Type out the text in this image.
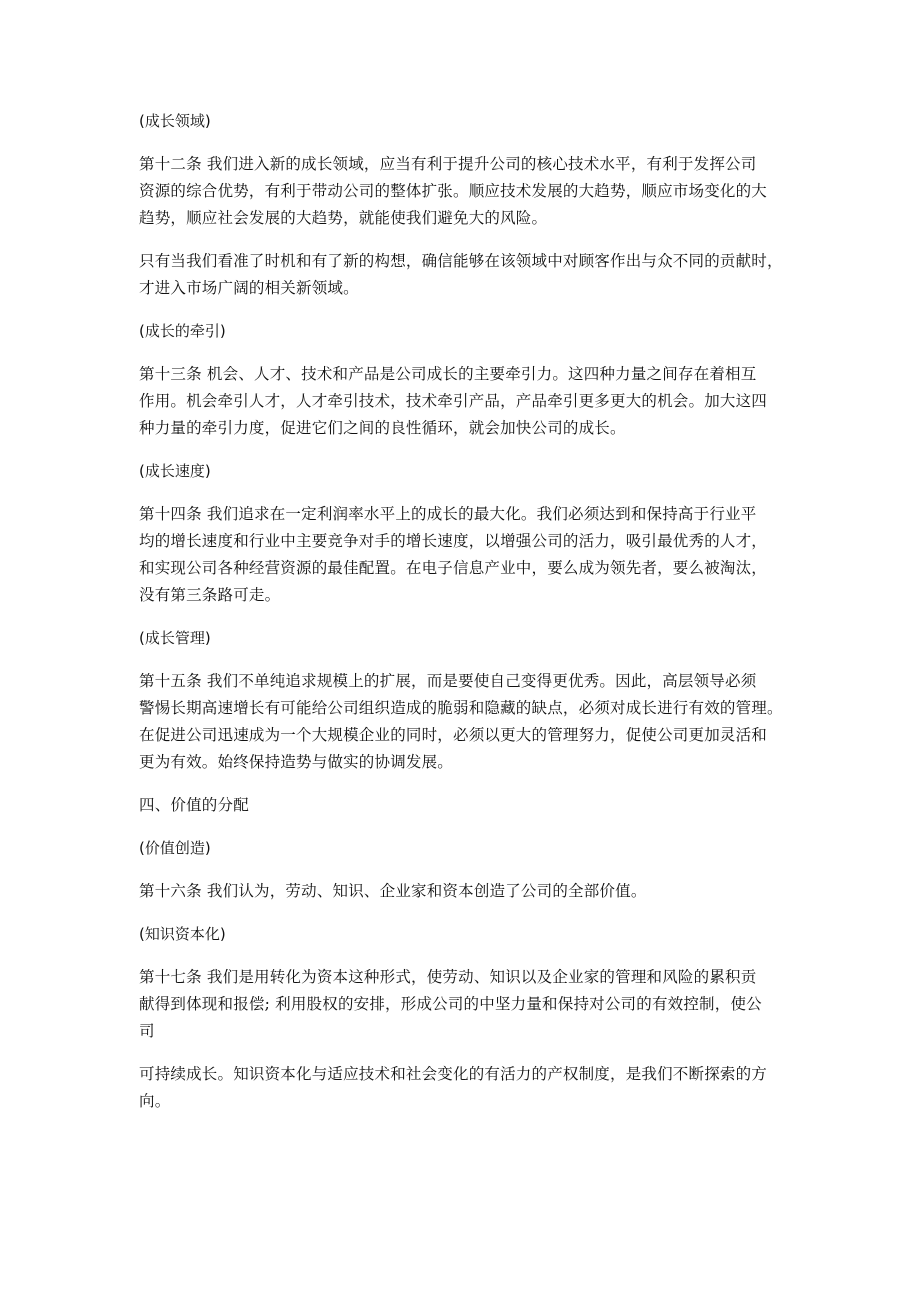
(成长领域)
第十二条 我们进入新的成长领域，应当有利于提升公司的核心技术水平，有利于发挥公司
资源的综合优势，有利于带动公司的整体扩张。顺应技术发展的大趋势，顺应市场变化的大
趋势，顺应社会发展的大趋势，就能使我们避免大的风险。
只有当我们看准了时机和有了新的构想，确信能够在该领域中对顾客作出与众不同的贡献时，
才进入市场广阔的相关新领域。
(成长的牵引)
第十三条 机会、人才、技术和产品是公司成长的主要牵引力。这四种力量之间存在着相互
作用。机会牵引人才，人才牵引技术，技术牵引产品，产品牵引更多更大的机会。加大这四
种力量的牵引力度，促进它们之间的良性循环，就会加快公司的成长。
(成长速度)
第十四条 我们追求在一定利润率水平上的成长的最大化。我们必须达到和保持高于行业平
均的增长速度和行业中主要竞争对手的增长速度，以增强公司的活力，吸引最优秀的人才，
和实现公司各种经营资源的最佳配置。在电子信息产业中，要么成为领先者，要么被淘汰，
没有第三条路可走。
(成长管理)
第十五条 我们不单纯追求规模上的扩展，而是要使自己变得更优秀。因此，高层领导必须
警惕长期高速增长有可能给公司组织造成的脆弱和隐藏的缺点，必须对成长进行有效的管理。
在促进公司迅速成为一个大规模企业的同时，必须以更大的管理努力，促使公司更加灵活和
更为有效。始终保持造势与做实的协调发展。
四、价值的分配
(价值创造)
第十六条 我们认为，劳动、知识、企业家和资本创造了公司的全部价值。
(知识资本化)
第十七条 我们是用转化为资本这种形式，使劳动、知识以及企业家的管理和风险的累积贡
献得到体现和报偿; 利用股权的安排，形成公司的中坚力量和保持对公司的有效控制，使公
司
可持续成长。知识资本化与适应技术和社会变化的有活力的产权制度，是我们不断探索的方
向。
